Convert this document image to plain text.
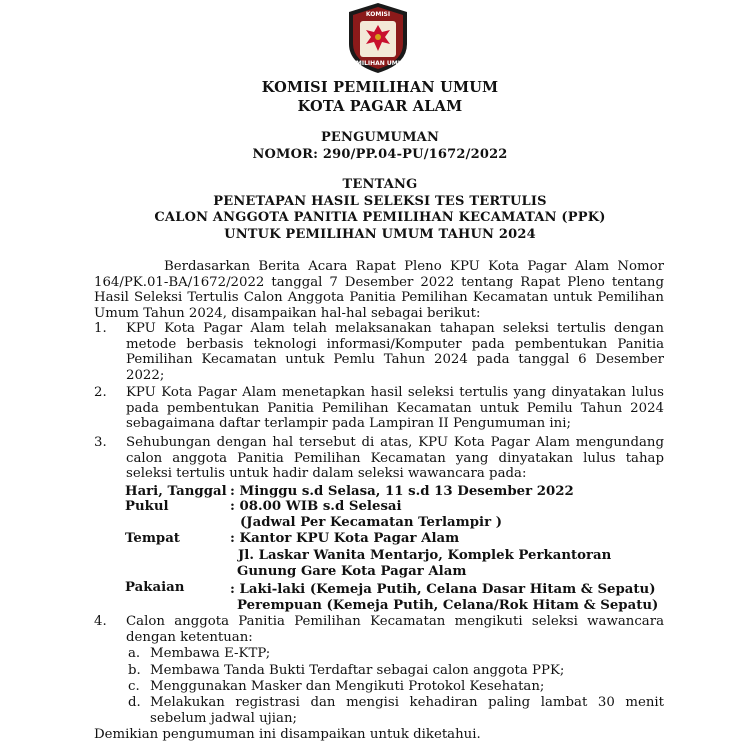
KOMISI
PEMILIHAN UMUM
KOMISI PEMILIHAN UMUM
KOTA PAGAR ALAM
PENGUMUMAN
NOMOR: 290/PP.04-PU/1672/2022
TENTANG
PENETAPAN HASIL SELEKSI TES TERTULIS
CALON ANGGOTA PANITIA PEMILIHAN KECAMATAN (PPK)
UNTUK PEMILIHAN UMUM TAHUN 2024
Berdasarkan Berita Acara Rapat Pleno KPU Kota Pagar Alam Nomor 164/PK.01-BA/1672/2022 tanggal 7 Desember 2022 tentang Rapat Pleno tentang Hasil Seleksi Tertulis Calon Anggota Panitia Pemilihan Kecamatan untuk Pemilihan Umum Tahun 2024, disampaikan hal-hal sebagai berikut:
1. KPU Kota Pagar Alam telah melaksanakan tahapan seleksi tertulis dengan metode berbasis teknologi informasi/Komputer pada pembentukan Panitia Pemilihan Kecamatan untuk Pemlu Tahun 2024 pada tanggal 6 Desember 2022;
2. KPU Kota Pagar Alam menetapkan hasil seleksi tertulis yang dinyatakan lulus pada pembentukan Panitia Pemilihan Kecamatan untuk Pemilu Tahun 2024 sebagaimana daftar terlampir pada Lampiran II Pengumuman ini;
3. Sehubungan dengan hal tersebut di atas, KPU Kota Pagar Alam mengundang calon anggota Panitia Pemilihan Kecamatan yang dinyatakan lulus tahap seleksi tertulis untuk hadir dalam seleksi wawancara pada:
Hari, Tanggal : Minggu s.d Selasa, 11 s.d 13 Desember 2022
Pukul	: 08.00 WIB s.d Selesai
(Jadwal Per Kecamatan Terlampir )
Tempat	: Kantor KPU Kota Pagar Alam
Jl. Laskar Wanita Mentarjo, Komplek Perkantoran
Gunung Gare Kota Pagar Alam
Pakaian	: Laki-laki (Kemeja Putih, Celana Dasar Hitam & Sepatu)
Perempuan (Kemeja Putih, Celana/Rok Hitam & Sepatu)
4. Calon anggota Panitia Pemilihan Kecamatan mengikuti seleksi wawancara dengan ketentuan:
a. Membawa E-KTP;
b. Membawa Tanda Bukti Terdaftar sebagai calon anggota PPK;
c. Menggunakan Masker dan Mengikuti Protokol Kesehatan;
d. Melakukan registrasi dan mengisi kehadiran paling lambat 30 menit sebelum jadwal ujian;
Demikian pengumuman ini disampaikan untuk diketahui.
